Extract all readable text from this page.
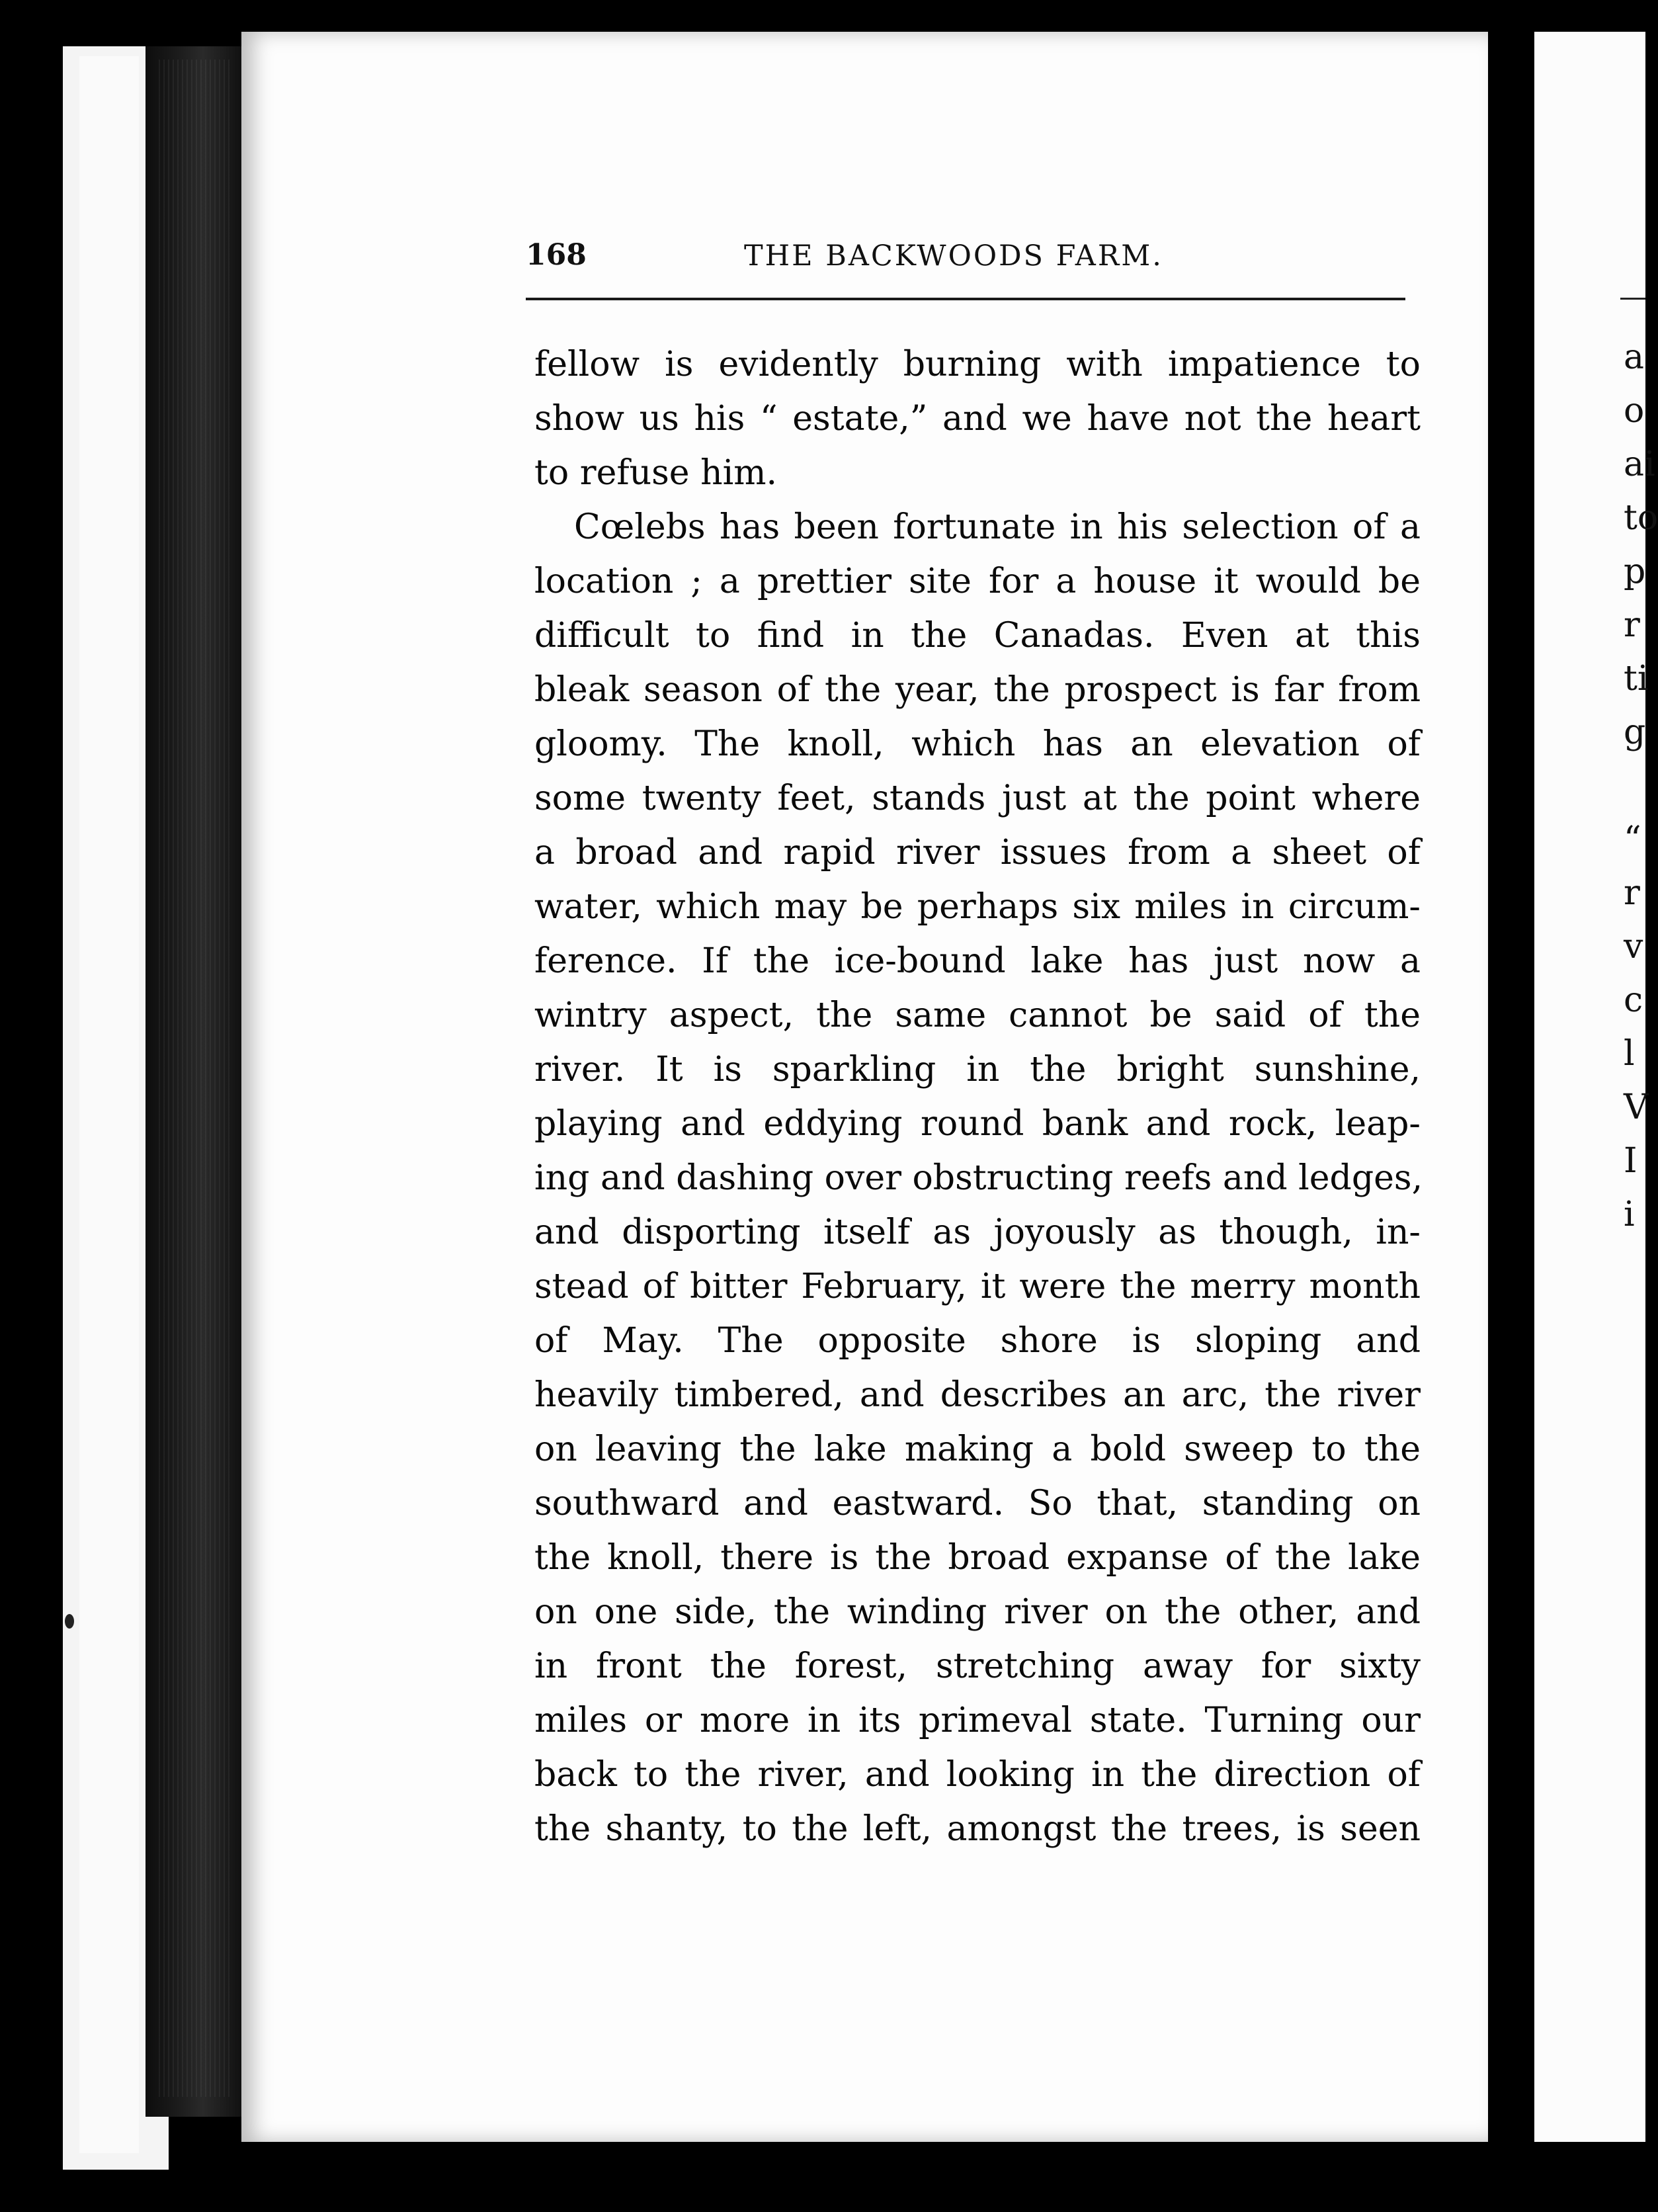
168	THE BACKWOODS FARM.
fellow is evidently burning with impatience to
show us his “ estate,” and we have not the heart
to refuse him.
Cœlebs has been fortunate in his selection of a
location ; a prettier site for a house it would be
difficult to find in the Canadas. Even at this
bleak season of the year, the prospect is far from
gloomy. The knoll, which has an elevation of
some twenty feet, stands just at the point where
a broad and rapid river issues from a sheet of
water, which may be perhaps six miles in circum-
ference. If the ice-bound lake has just now a
wintry aspect, the same cannot be said of the
river. It is sparkling in the bright sunshine,
playing and eddying round bank and rock, leap-
ing and dashing over obstructing reefs and ledges,
and disporting itself as joyously as though, in-
stead of bitter February, it were the merry month
of May. The opposite shore is sloping and
heavily timbered, and describes an arc, the river
on leaving the lake making a bold sweep to the
southward and eastward. So that, standing on
the knoll, there is the broad expanse of the lake
on one side, the winding river on the other, and
in front the forest, stretching away for sixty
miles or more in its primeval state. Turning our
back to the river, and looking in the direction of
the shanty, to the left, amongst the trees, is seen
a
o
ai
to
p
r
ti
g

“
r
v
c
l
V
I
i
